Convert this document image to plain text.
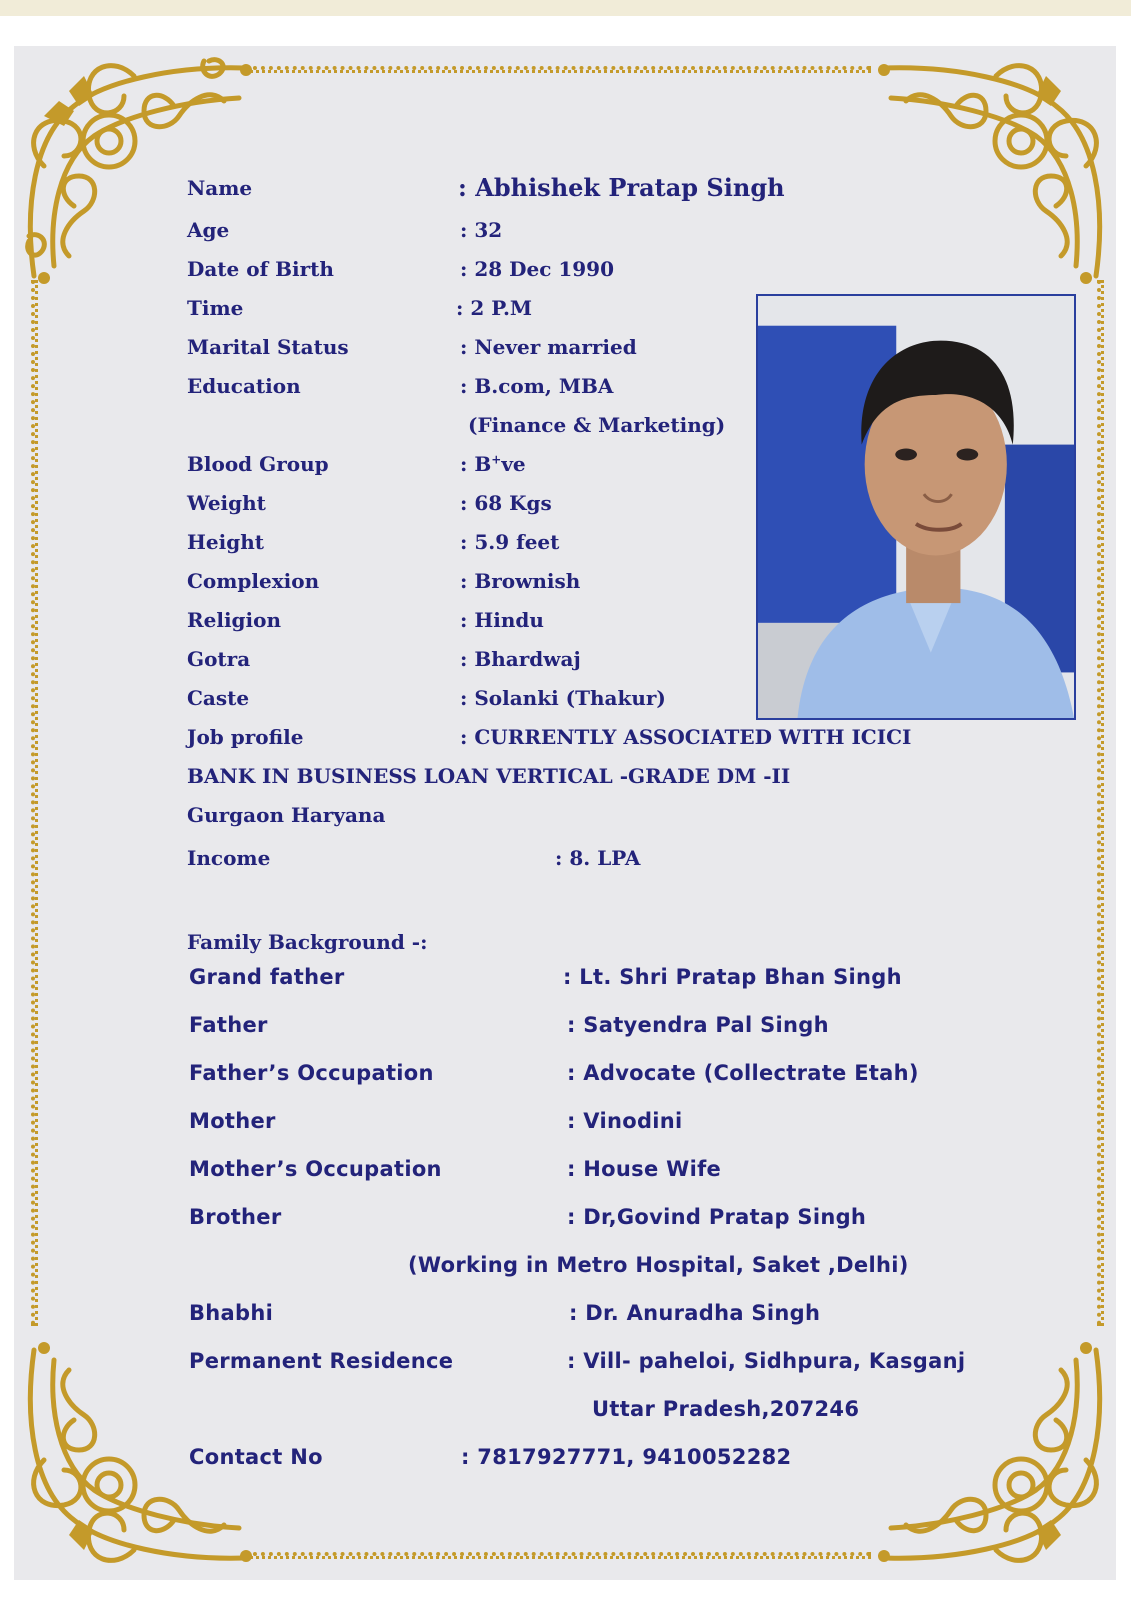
Name	: Abhishek Pratap Singh
Age	: 32
Date of Birth	: 28 Dec 1990
Time	: 2 P.M
Marital Status	: Never married
Education	: B.com, MBA
(Finance & Marketing)
Blood Group	: B+ve
Weight	: 68 Kgs
Height	: 5.9 feet
Complexion	: Brownish
Religion	: Hindu
Gotra	: Bhardwaj
Caste	: Solanki (Thakur)
Job profile	: CURRENTLY ASSOCIATED WITH ICICI
BANK IN BUSINESS LOAN VERTICAL -GRADE DM -II
Gurgaon Haryana
Income	: 8. LPA
Family Background -:
Grand father	: Lt. Shri Pratap Bhan Singh
Father	: Satyendra Pal Singh
Father’s Occupation	: Advocate (Collectrate Etah)
Mother	: Vinodini
Mother’s Occupation	: House Wife
Brother	: Dr,Govind Pratap Singh
(Working in Metro Hospital, Saket ,Delhi)
Bhabhi	: Dr. Anuradha Singh
Permanent Residence	: Vill- paheloi, Sidhpura, Kasganj
Uttar Pradesh,207246
Contact No	: 7817927771, 9410052282
